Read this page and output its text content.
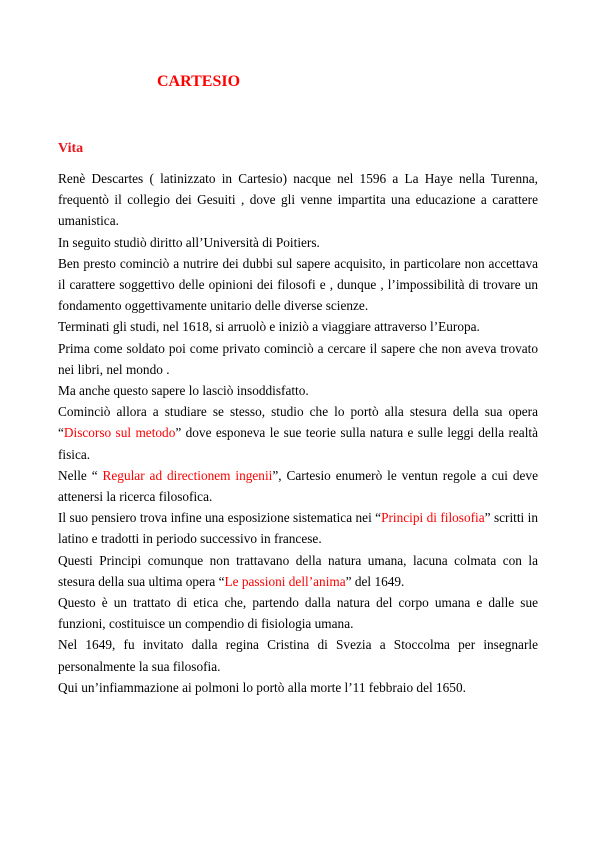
CARTESIO
Vita

Renè Descartes ( latinizzato in Cartesio) nacque nel 1596 a La Haye nella Turenna, frequentò il collegio dei Gesuiti , dove gli venne impartita una educazione a carattere umanistica.

In seguito studiò diritto all’Università di Poitiers.

Ben presto cominciò a nutrire dei dubbi sul sapere acquisito, in particolare non accettava il carattere soggettivo delle opinioni dei filosofi e , dunque , l’impossibilità di trovare un fondamento oggettivamente unitario delle diverse scienze.

Terminati gli studi, nel 1618, si arruolò e iniziò a viaggiare attraverso l’Europa.

Prima come soldato poi come privato cominciò a cercare il sapere che non aveva trovato nei libri, nel mondo .

Ma anche questo sapere lo lasciò insoddisfatto.

Cominciò allora a studiare se stesso, studio che lo portò alla stesura della sua opera “Discorso sul metodo” dove esponeva le sue teorie sulla natura e sulle leggi della realtà fisica.

Nelle “ Regular ad directionem ingenii”, Cartesio enumerò le ventun regole a cui deve attenersi la ricerca filosofica.

Il suo pensiero trova infine una esposizione sistematica nei “Principi di filosofia” scritti in latino e tradotti in periodo successivo in francese.

Questi Principi comunque non trattavano della natura umana, lacuna colmata con la stesura della sua ultima opera “Le passioni dell’anima” del 1649.

Questo è un trattato di etica che, partendo dalla natura del corpo umana e dalle sue funzioni, costituisce un compendio di fisiologia umana.

Nel 1649, fu invitato dalla regina Cristina di Svezia a Stoccolma per insegnarle personalmente la sua filosofia.

Qui un’infiammazione ai polmoni lo portò alla morte l’11 febbraio del 1650.
